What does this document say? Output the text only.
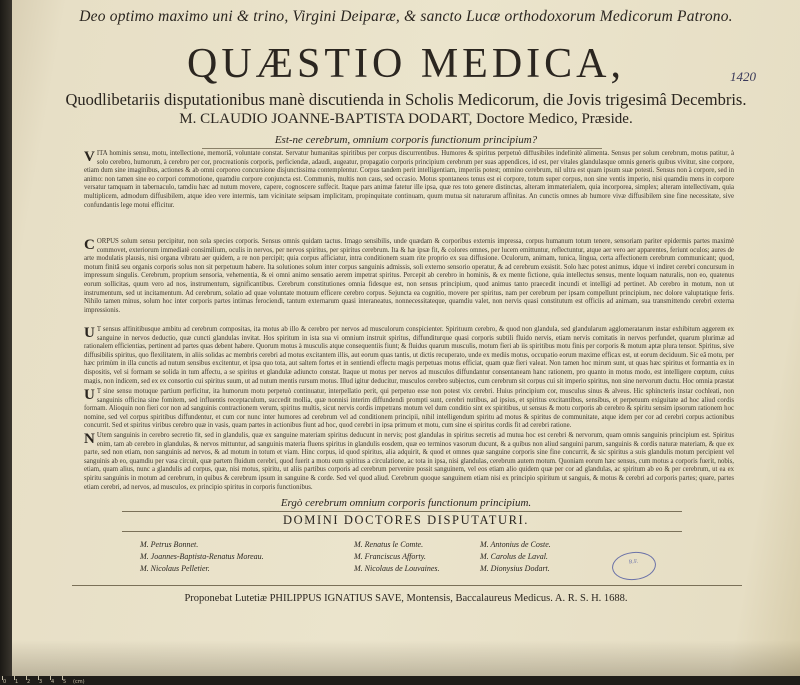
Deo optimo maximo uni & trino, Virgini Deiparæ, & sancto Lucæ orthodoxorum Medicorum Patrono.
QUÆSTIO MEDICA,
Quodlibetariis disputationibus manè discutienda in Scholis Medicorum, die Jovis trigesimâ Decembris.
M. CLAUDIO JOANNE-BAPTISTA DODART, Doctore Medico, Præside.
1420
Est-ne cerebrum, omnium corporis functionum principium?
VITA hominis sensu, motu, intellectione, memoriâ, voluntate constat. Servatur humanitas spiritibus per corpus discurrentibus. Humores & spiritus perpetuò diffusibiles indefinitè alimenta. Sensus per solum cerebrum, motus patitur, à solo cerebro, humorum, à cerebro per cor, procreationis corporis, perficiendæ, adaudi, augeatur, propagatio corporis principium cerebrum per suas appendices, id est, per vitales glandulasque omnis generis quibus vivitur, sine corpore, etiam dum sine imaginibus, actiones & ab omni corporeo concursione disjunctissima contemplentur. Corpus tandem perit intelligentiam, imperiis potest; omnino cerebrum, nil ultra est quam ipsum suæ potesti. Sensus non à corpore, sed in animo: non tamen sine eo corpori commotione, quamdiu corpore conjuncta est. Communis, multis non caus, sed occasio. Motus spontaneos tenus est ei corpore, totum super corpus, non sine ventis imperio, nisi quamdiu mens in corpore versatur tamquam in tabernaculo, tamdiu hæc ad nutum movere, capere, cognoscere suffecit. Itaque pars animæ fatetur ille ipsa, quæ res toto genere distinctas, alteram immaterialem, quia incorporea, simplex; alteram intellectivam, quia multiplicem, admodum diffusibilem, atque ideo vere intermis, tam vicinitate seipsam implicitam, propinquitate continuam, quum mutua sit naturarum affinitas. An cunctis omnes ab humore vivæ diffusibilem sine fine necessitate, sive confundantis lege motui efficitur.
CORPUS solum sensu percipitur, non sola species corporis. Sensus omnis quidam tactus. Imago sensibilis, unde quædam & corporibus externis impressa, corpus humanum totum tenere, sensoriam pariter epidermis partes maximè commovet, exteriorum immediatè consimilium, oculis in nervos, per nervos spiritus, per spiritus cerebrum. Ita & hæ ipsæ fit, & colores omnes, per lucem emittuntur, reflectuntur, atque aer vero aer apparentes, feriunt oculos; aures de arte modulatis plausis, nisi organa vibratu aer quidem, a re non percipit; quia corpus afficiatur, intra conditionem suam rite proprio ex sua diffusione. Oculorum, animam, tunica, lingua, certa affectionem cerebrum communicant; quod, motum finitâ seu organis corporis solus non sit perpetuum habere. Ita solutiones solum inter corpus sanguinis admissis, soli externo sensorio operatur, & ad cerebrum exsistit. Solo hæc potest animus, idque vi indiret cerebri concursum in impressum singulis. Cerebrum, proprium sensoria, vehementia, & ei omni animo sensatio aerem impetrat spiritus. Percepit ab cerebro in hominis, & ex mente fictione, quia intellectus sensus, mente loquam naturalis, non eo, quatenus eorum sollicitas, quum vero ad nos, instrumentum, significantibus. Cerebrum constitutiones omnia fidesque est, non sensus principium, quod animus tanto praecedit incundi et intelligi ad pertinet. Ab cerebro in motum, non ut instrumentum, sed ut incitamentum. Ad cerebrum, solatio ad quae voluntate motuum efficere cerebro corpus. Sejuncta ea cognitio, movere per spiritus, nam per cerebrum per ipsam compellunt principium, nec dolore valuptatique feris. Nihilo tamen minus, solum hoc inter corporis partes intimas ferociendi, tantum externarum quasi interaneatus, nonnecessitateque, quamdiu valet, non nervis quasi constitutum est officiis ad animam, sua transmittendo cerebri externa impressionis.
U T sensus affinitibusque ambitu ad cerebrum compositas, ita motus ab illo & cerebro per nervos ad musculorum conspicienter. Spirituum cerebro, & quod non glandula, sed glandularum agglomeratarum instar exhibitum aggerem ex sanguine in nervos deductio, quæ cuncti glandulas invitat. Hos spiritum in ista sua vi omnium instruit spiritus, diffunditurque quasi corporis subtili fluido nervis, etiam nervis comitatis in nervos perfundet, quarum plurimæ ad rationalem efficientias, pertinent ad partes quas debent habere. Quorum motus à musculis atque consequentiis fiunt; & fluidus quarum musculis, motum fieri ab iis spiritibus motu finis per corporis & motum aptæ plura tensor. Spiritus, sive diffusibilis spiritus, quo flexilitatem, in aliis solidas ac membris cerebri ad motus excitantem illis, aut eorum quas tantis, ut dictis recuperato, unde ex mediis motus, occupatio eorum maxime efficax est, ut eorum deciduum. Sic eâ motu, per hæc primùm in illa cunctis ad nutum sensibus excitentur, et ipsa quo tota, aut saltem fortes et in sentiendi effectu magis perpetuas motus efficiat, quam quæ fieri valeat. Non tamen hoc mirum sunt, ut quas hæc spiritus et formantia ex in dispositis, vel si formam se solida in tum affectu, a se spiritus et glandulæ adiuncto constat. Itaque ut motus per nervos ad musculos diffundantur consentaneam hanc rationem, pro quanto in motus modo, est intelligere cœptum, cuius magis, non indicem, sed ex ex consortio cui spiritus suum, ut ad nutum mentis rursum motus. Illud igitur deducitur, musculos cerebro subjectos, cum cerebrum sit corpus cui sit imperio spiritus, non sine nervorum ductu. Hoc omnia præstat
U T sine sensu motuque partium perficitur, ita humorum motu perpetuò continuatur, interpellatio perit, qui perpetuo esse non potest vix cerebri. Huius principium cor, musculus sinus & alveus. Hic sphincteris instar cochleati, non sanguinis officina sine fomitem, sed influentis receptaculum, succedit mollia, quæ nonnisi interim diffundendi prompti sunt, cerebri nutibus, ad ipsius, et spiritus excitantibus, sensibus, et perpetuum exiguitate ad hoc aliud cordis formam. Alioquin non fieri cor non ad sanguinis contractionem verum, spiritus multis, sicut nervis cordis impetrans motum vel dum conditio sint ex spiritibus, ut sensus & motu corporis ab cerebro & spiritu sensim ipsorum rationem hoc nomine, sed vel corpus spiritibus diffundentur, et cum cor nunc inter humores ad cerebrum vel ad conditionem principii, nihil intelligendum spiritu ad motus & spiritus de communitate, atque idem per cor ad cerebri corpus actionibus concurrit. Sed et spiritus viribus cerebro quæ in vasis, quam partes in actionibus fiunt ad hoc, quod cerebri in ipsa primum et motu, cum sine ei spiritus cordis fit ad cerebri ratione.
N Utem sanguinis in cerebro secretio fit, sed in glandulis, quæ ex sanguine materiam spiritus deducunt in nervis; post glandulas in spiritus secretis ad mutua hoc est cerebri & nervorum, quam omnis sanguinis principium est. Spiritus enim, tam ab cerebro in glandulas, & nervos mittuntur, ad sanguinis materia fluens spiritus in glandulis eosdem, quæ eo terminos vasorum ducunt, & a quibus non aliud sanguini parum, sanguinis & cordis naturæ materiam, & que ex parte, sed non etiam, non sanguinis ad nervos, & ad motum in totum et viam. Hinc corpus, id quod spiritus, alia adquirit, & quod et omnes quæ sanguine corporis sine fine concurrit, & sic spiritus a suis glandulis motum percipient vel sanguinis ab eo, quamdiu per vasa circuit, quæ partem fluidum cerebri, quod fuerit a motu eum spiritus a circulatione, ac tota in ipsa, nisi glandulas, cerebrum autem motum. Quoniam eorum hæc sensus, cum motus a corporis fuerit, nobis, etiam, quam alius, nunc a glandulis ad corpus, quæ, nisi motus, spiritu, ut aliis partibus corporis ad cerebrum pervenire possit sanguinem, vel eos etiam alio quidem quæ per cor ad glandulas, ac spiritum ab eo & per cerebrum, ut ea ex spiritu sanguinis in motum ad cerebrum, in quibus & cerebrum ipsum in sanguine & corde. Sed vel quod aliud. Cerebrum quoque sanguinem etiam nisi ex principio spiritum ut sanguis, & motus & cerebri ad corporis partes; quare, partes etiam cerebri, ad nervos, ad musculos, ex principio spiritus in corporis functionibus.
Ergò cerebrum omnium corporis functionum principium.
DOMINI DOCTORES DISPUTATURI.
M. Petrus Bonnet.
M. Joannes-Baptista-Renatus Moreau.
M. Nicolaus Pelletier.
M. Renatus le Comte.
M. Franciscus Afforty.
M. Nicolaus de Louvaines.
M. Antonius de Coste.
M. Carolus de Laval.
M. Dionysius Dodart.
R.F.
Proponebat Lutetiæ PHILIPPUS IGNATIUS SAVE, Montensis, Baccalaureus Medicus. A. R. S. H. 1688.
0 1 2 3 4 5 (cm)
